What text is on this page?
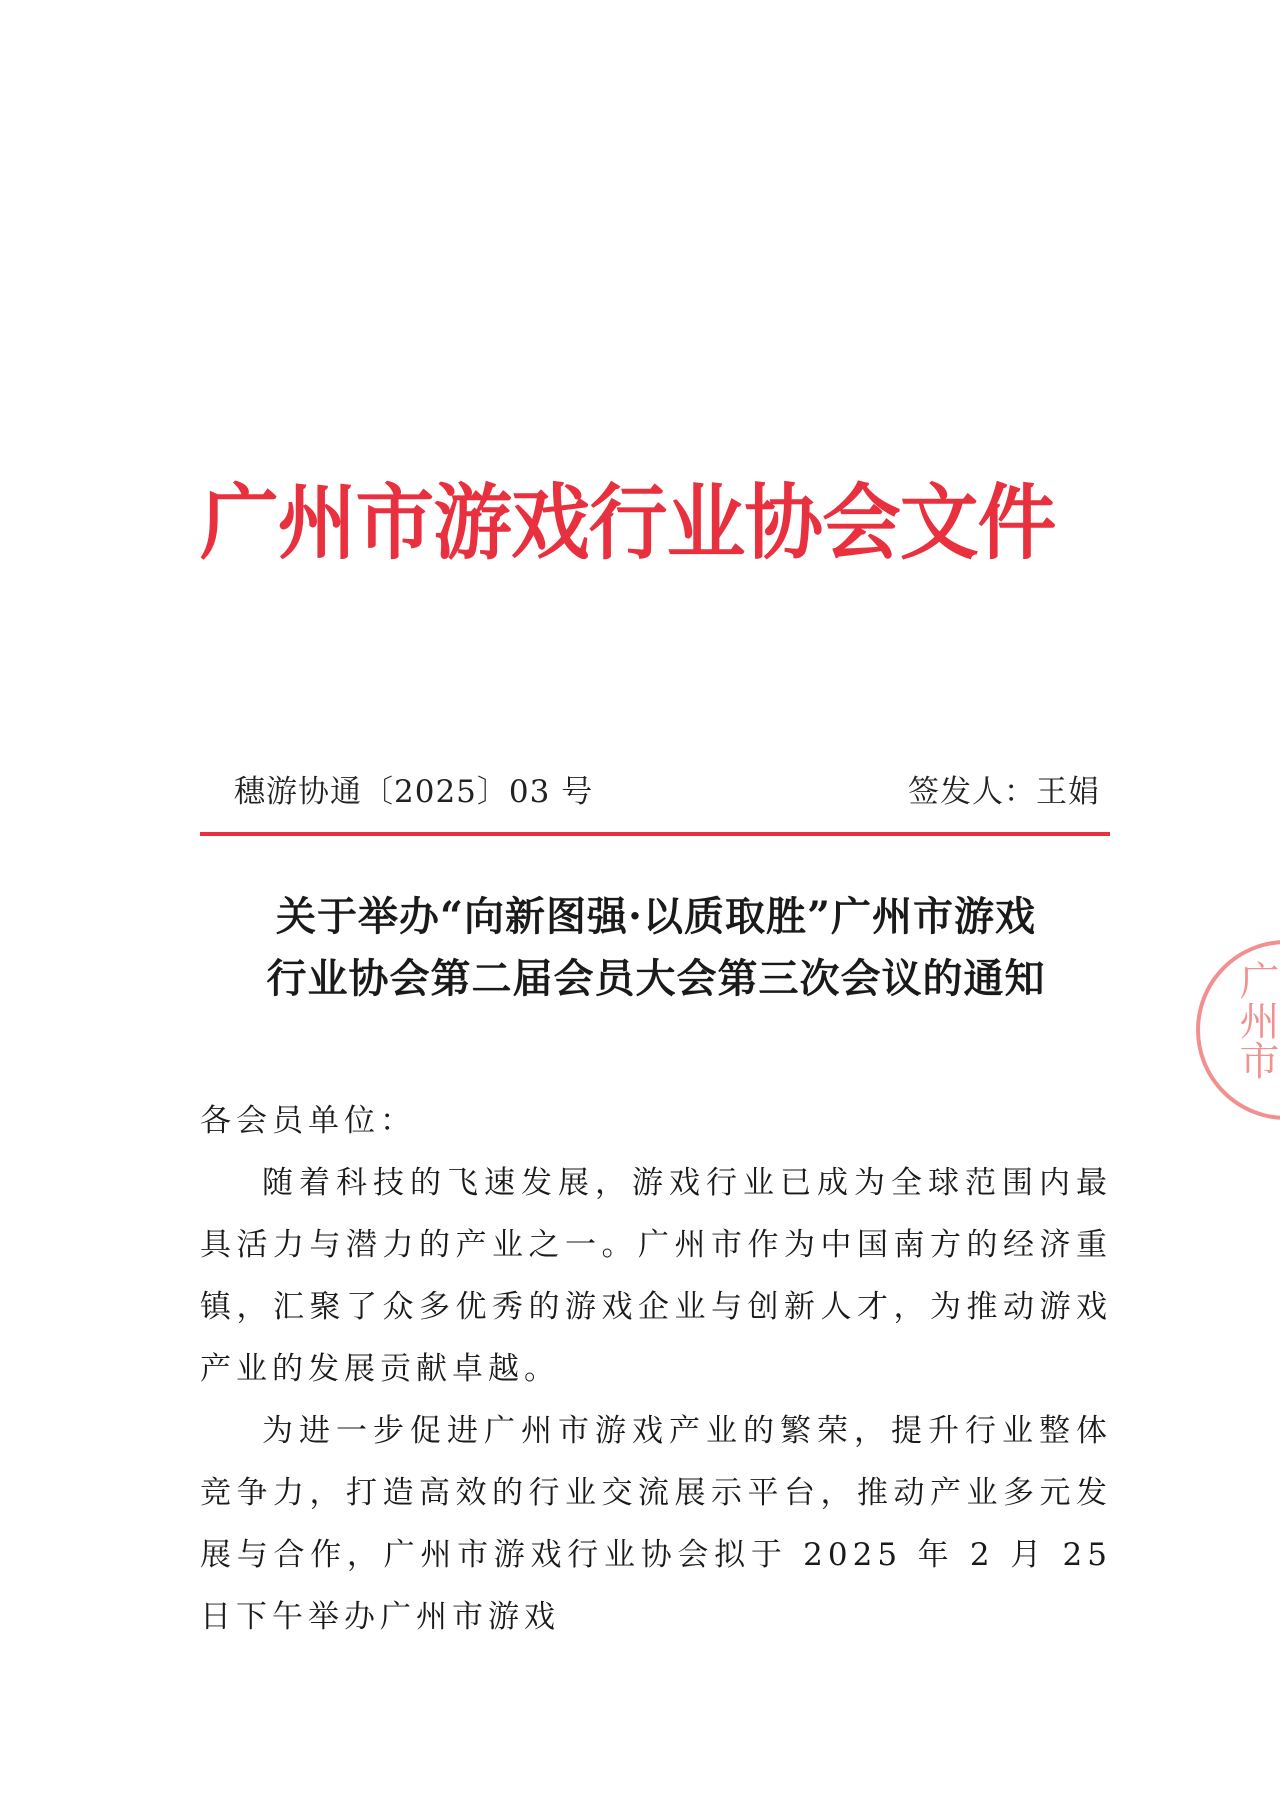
广州市游戏行业协会文件
穗游协通〔2025〕03 号	签发人：王娟
关于举办“向新图强·以质取胜”广州市游戏
行业协会第二届会员大会第三次会议的通知

各会员单位：

随着科技的飞速发展，游戏行业已成为全球范围内最具活力与潜力的产业之一。广州市作为中国南方的经济重镇，汇聚了众多优秀的游戏企业与创新人才，为推动游戏产业的发展贡献卓越。

为进一步促进广州市游戏产业的繁荣，提升行业整体竞争力，打造高效的行业交流展示平台，推动产业多元发展与合作，广州市游戏行业协会拟于 2025 年 2 月 25 日下午举办广州市游戏

广州市
